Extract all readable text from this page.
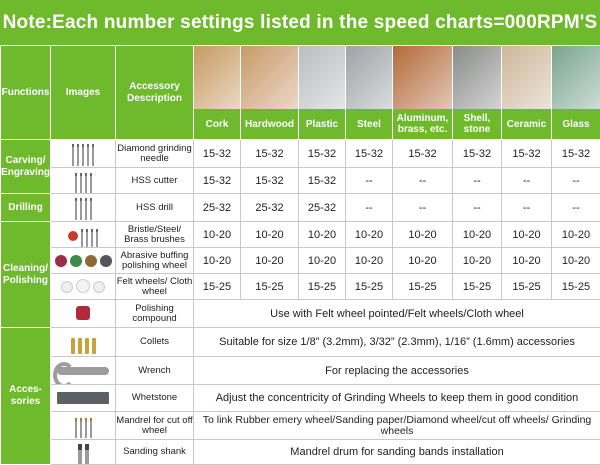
Note:Each number settings listed in the speed charts=000RPM'S
Functions	Images	Accessory Description	Cork	Hardwood	Plastic	Steel	Aluminum, brass, etc.	Shell, stone	Ceramic	Glass

Carving/ Engraving		Diamond grinding needle	15-32	15-32	15-32	15-32	15-32	15-32	15-32	15-32

		HSS cutter	15-32	15-32	15-32	--	--	--	--	--
Drilling		HSS drill	25-32	25-32	25-32	--	--	--	--	--
Cleaning/ Polishing		Bristle/Steel/ Brass brushes	10-20	10-20	10-20	10-20	10-20	10-20	10-20	10-20

		Abrasive buffing polishing wheel	10-20	10-20	10-20	10-20	10-20	10-20	10-20	10-20

		Felt wheels/ Cloth wheel	15-25	15-25	15-25	15-25	15-25	15-25	15-25	15-25

		Polishing compound	Use with Felt wheel pointed/Felt wheels/Cloth wheel							
Acces- sories		Collets	Suitable for size 1/8” (3.2mm), 3/32” (2.3mm), 1/16” (1.6mm) accessories							

		Wrench	For replacing the accessories							

		Whetstone	Adjust the concentricity of Grinding Wheels to keep them in good condition							

		Mandrel for cut off wheel	To link Rubber emery wheel/Sanding paper/Diamond wheel/cut off wheels/ Grinding wheels							

		Sanding shank	Mandrel drum for sanding bands installation							
